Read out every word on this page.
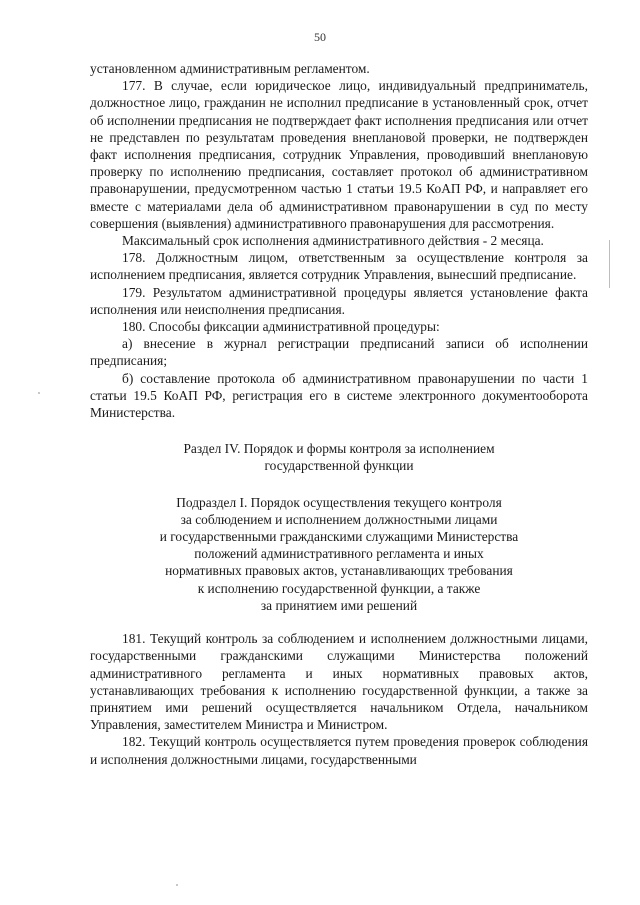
50

установленном административным регламентом.

177. В случае, если юридическое лицо, индивидуальный предприниматель, должностное лицо, гражданин не исполнил предписание в установленный срок, отчет об исполнении предписания не подтверждает факт исполнения предписания или отчет не представлен по результатам проведения внеплановой проверки, не подтвержден факт исполнения предписания, сотрудник Управления, проводивший внеплановую проверку по исполнению предписания, составляет протокол об административном правонарушении, предусмотренном частью 1 статьи 19.5 КоАП РФ, и направляет его вместе с материалами дела об административном правонарушении в суд по месту совершения (выявления) административного правонарушения для рассмотрения.

Максимальный срок исполнения административного действия - 2 месяца.

178. Должностным лицом, ответственным за осуществление контроля за исполнением предписания, является сотрудник Управления, вынесший предписание.

179. Результатом административной процедуры является установление факта исполнения или неисполнения предписания.

180. Способы фиксации административной процедуры:

а) внесение в журнал регистрации предписаний записи об исполнении предписания;

б) составление протокола об административном правонарушении по части 1 статьи 19.5 КоАП РФ, регистрация его в системе электронного документооборота Министерства.

Раздел IV. Порядок и формы контроля за исполнением
государственной функции
Подраздел I. Порядок осуществления текущего контроля
за соблюдением и исполнением должностными лицами
и государственными гражданскими служащими Министерства
положений административного регламента и иных
нормативных правовых актов, устанавливающих требования
к исполнению государственной функции, а также
за принятием ими решений

181. Текущий контроль за соблюдением и исполнением должностными лицами, государственными гражданскими служащими Министерства положений административного регламента и иных нормативных правовых актов, устанавливающих требования к исполнению государственной функции, а также за принятием ими решений осуществляется начальником Отдела, начальником Управления, заместителем Министра и Министром.

182. Текущий контроль осуществляется путем проведения проверок соблюдения и исполнения должностными лицами, государственными
